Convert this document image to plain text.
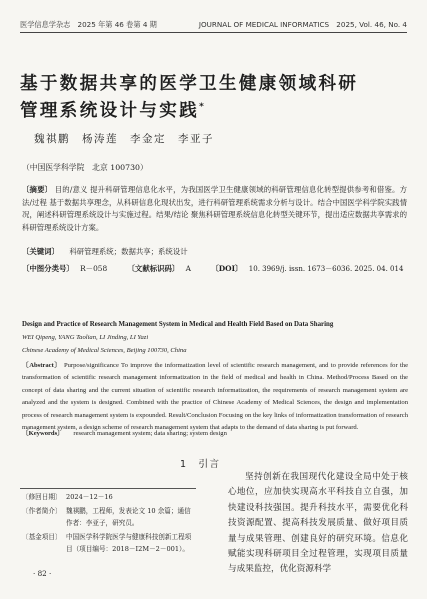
医学信息学杂志　2025 年第 46 卷第 4 期	JOURNAL OF MEDICAL INFORMATICS　2025, Vol. 46, No. 4
基于数据共享的医学卫生健康领域科研
管理系统设计与实践*
魏祺鹏　杨涛莲　李金定　李亚子
（中国医学科学院　北京 100730）
〔摘要〕 目的/意义 提升科研管理信息化水平，为我国医学卫生健康领域的科研管理信息化转型提供参考和借鉴。方法/过程 基于数据共享理念，从科研信息化现状出发，进行科研管理系统需求分析与设计。结合中国医学科学院实践情况，阐述科研管理系统设计与实施过程。结果/结论 聚焦科研管理系统信息化转型关键环节，提出适应数据共享需求的科研管理系统设计方案。
〔关键词〕 科研管理系统；数据共享；系统设计
〔中图分类号〕 R－058	〔文献标识码〕 A	〔DOI〕 10. 3969/j. issn. 1673－6036. 2025. 04. 014
Design and Practice of Research Management System in Medical and Health Field Based on Data Sharing
WEI Qipeng, YANG Taolian, LI Jinding, LI Yazi
Chinese Academy of Medical Sciences, Beijing 100730, China
〔Abstract〕 Purpose/significance To improve the informatization level of scientific research management, and to provide references for the transformation of scientific research management informatization in the field of medical and health in China. Method/Process Based on the concept of data sharing and the current situation of scientific research informatization, the requirements of research management system are analyzed and the system is designed. Combined with the practice of Chinese Academy of Medical Sciences, the design and implementation process of research management system is expounded. Result/Conclusion Focusing on the key links of informatization transformation of research management system, a design scheme of research management system that adapts to the demand of data sharing is put forward.
〔Keywords〕 research management system; data sharing; system design
1　引言
〔修回日期〕 2024－12－16
〔作者简介〕 魏祺鹏，工程师，发表论文 10 余篇；通信作者：李亚子，研究员。
〔基金项目〕 中国医学科学院医学与健康科技创新工程项目（项目编号：2018－I2M－2－001）。
坚持创新在我国现代化建设全局中处于核心地位，应加快实现高水平科技自立自强，加快建设科技强国。提升科技水平，需要优化科技资源配置、提高科技发展质量、做好项目质量与成果管理、创建良好的研究环境。信息化赋能实现科研项目全过程管理，实现项目质量与成果监控，优化资源科学
· 82 ·
